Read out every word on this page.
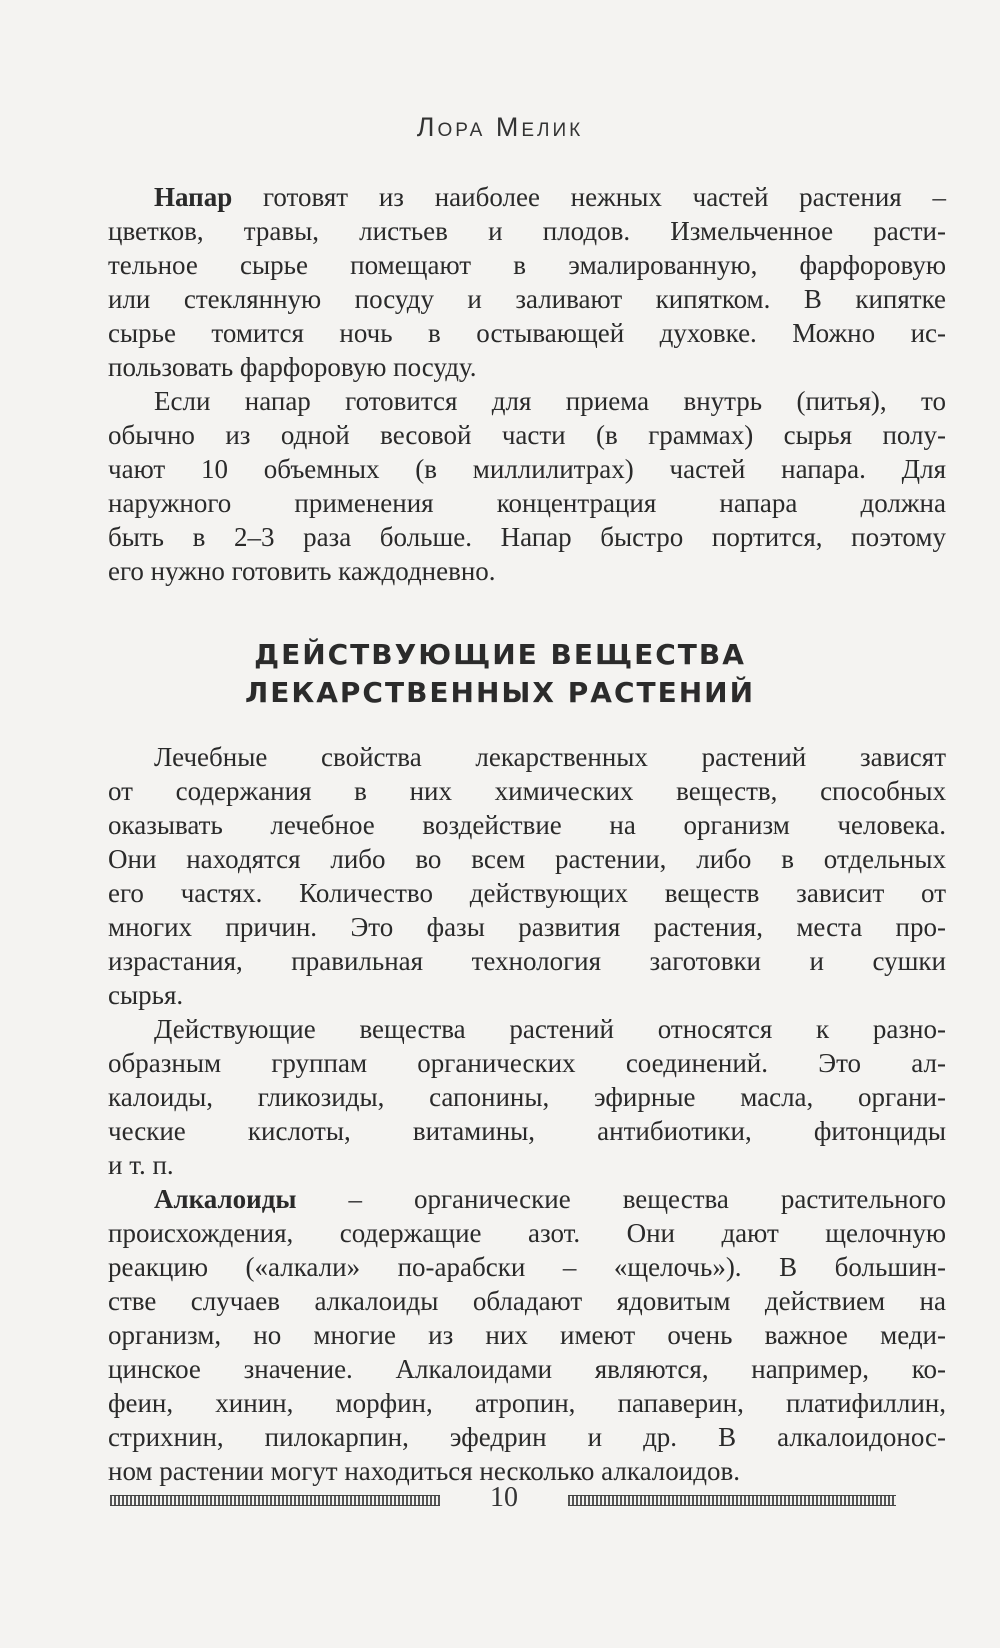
Лора Мелик
Напар готовят из наиболее нежных частей растения –
цветков, травы, листьев и плодов. Измельченное расти-
тельное сырье помещают в эмалированную, фарфоровую
или стеклянную посуду и заливают кипятком. В кипятке
сырье томится ночь в остывающей духовке. Можно ис-
пользовать фарфоровую посуду.
Если напар готовится для приема внутрь (питья), то
обычно из одной весовой части (в граммах) сырья полу-
чают 10 объемных (в миллилитрах) частей напара. Для
наружного применения концентрация напара должна
быть в 2–3 раза больше. Напар быстро портится, поэтому
его нужно готовить каждодневно.
ДЕЙСТВУЮЩИЕ ВЕЩЕСТВА
ЛЕКАРСТВЕННЫХ РАСТЕНИЙ
Лечебные свойства лекарственных растений зависят
от содержания в них химических веществ, способных
оказывать лечебное воздействие на организм человека.
Они находятся либо во всем растении, либо в отдельных
его частях. Количество действующих веществ зависит от
многих причин. Это фазы развития растения, места про-
израстания, правильная технология заготовки и сушки
сырья.
Действующие вещества растений относятся к разно-
образным группам органических соединений. Это ал-
калоиды, гликозиды, сапонины, эфирные масла, органи-
ческие кислоты, витамины, антибиотики, фитонциды
и т. п.
Алкалоиды – органические вещества растительного
происхождения, содержащие азот. Они дают щелочную
реакцию («алкали» по-арабски – «щелочь»). В большин-
стве случаев алкалоиды обладают ядовитым действием на
организм, но многие из них имеют очень важное меди-
цинское значение. Алкалоидами являются, например, ко-
феин, хинин, морфин, атропин, папаверин, платифиллин,
стрихнин, пилокарпин, эфедрин и др. В алкалоидонос-
ном растении могут находиться несколько алкалоидов.
10
